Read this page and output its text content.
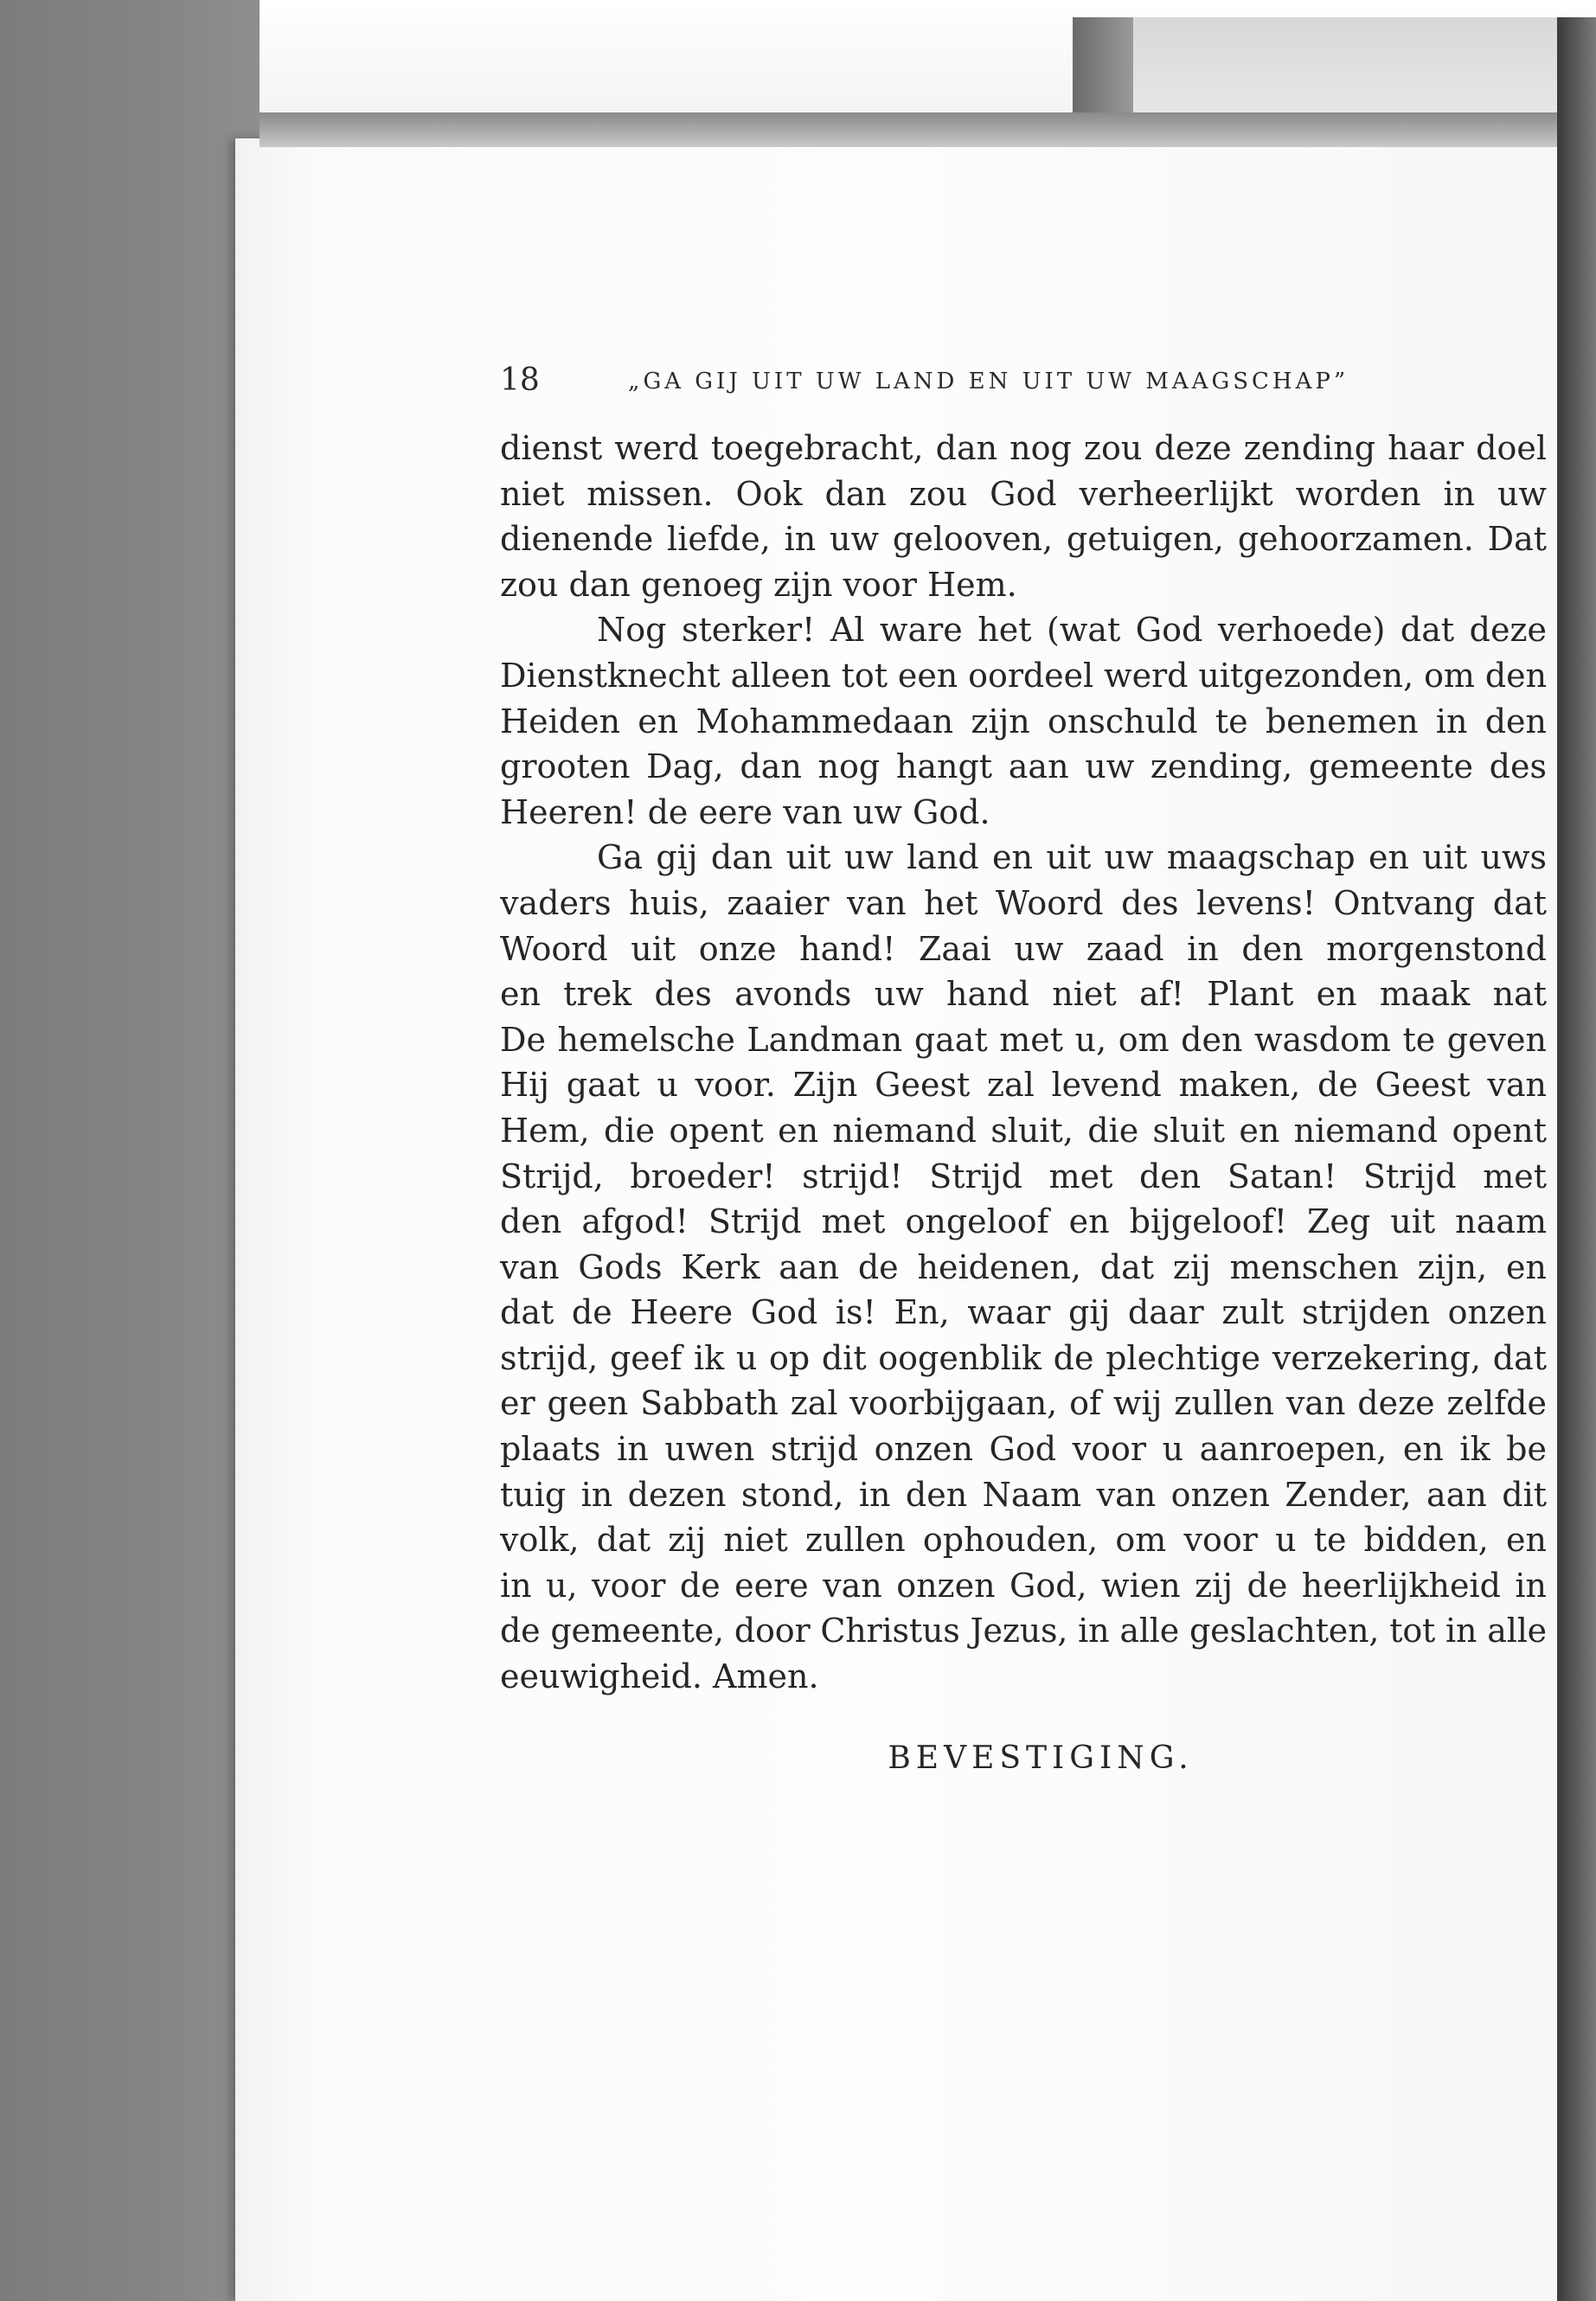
18	„GA GIJ UIT UW LAND EN UIT UW MAAGSCHAP”
dienst werd toegebracht, dan nog zou deze zending haar doel
niet missen. Ook dan zou God verheerlijkt worden in uw
dienende liefde, in uw gelooven, getuigen, gehoorzamen. Dat
zou dan genoeg zijn voor Hem.
Nog sterker! Al ware het (wat God verhoede) dat deze
Dienstknecht alleen tot een oordeel werd uitgezonden, om den
Heiden en Mohammedaan zijn onschuld te benemen in den
grooten Dag, dan nog hangt aan uw zending, gemeente des
Heeren! de eere van uw God.
Ga gij dan uit uw land en uit uw maagschap en uit uws
vaders huis, zaaier van het Woord des levens! Ontvang dat
Woord uit onze hand! Zaai uw zaad in den morgenstond
en trek des avonds uw hand niet af! Plant en maak nat
De hemelsche Landman gaat met u, om den wasdom te geven
Hij gaat u voor. Zijn Geest zal levend maken, de Geest van
Hem, die opent en niemand sluit, die sluit en niemand opent
Strijd, broeder! strijd! Strijd met den Satan! Strijd met
den afgod! Strijd met ongeloof en bijgeloof! Zeg uit naam
van Gods Kerk aan de heidenen, dat zij menschen zijn, en
dat de Heere God is! En, waar gij daar zult strijden onzen
strijd, geef ik u op dit oogenblik de plechtige verzekering, dat
er geen Sabbath zal voorbijgaan, of wij zullen van deze zelfde
plaats in uwen strijd onzen God voor u aanroepen, en ik be
tuig in dezen stond, in den Naam van onzen Zender, aan dit
volk, dat zij niet zullen ophouden, om voor u te bidden, en
in u, voor de eere van onzen God, wien zij de heerlijkheid in
de gemeente, door Christus Jezus, in alle geslachten, tot in alle
eeuwigheid. Amen.
BEVESTIGING.
